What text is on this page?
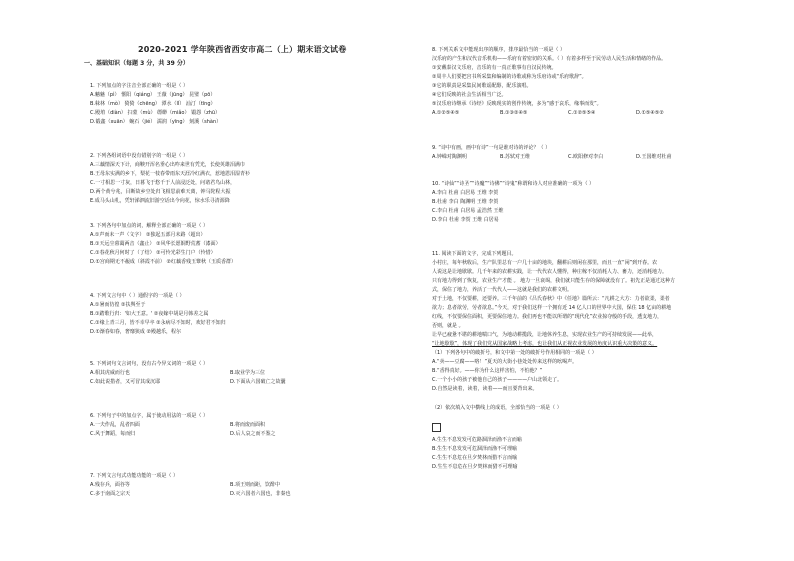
2020-2021 学年陕西省西安市高二（上）期末语文试卷
一、基础知识（每题 3 分，共 39 分）
1. 下列加点的字注音全部正确的一组是（ ）
A.魑魅（pì） 惬阳（qiáng） 王薇（jūnɡ） 昆璧（pō）
B.秣林（mò） 猗猗（chēng） 潭水（lǐ） 汕汀（tīng）
C.殿堉（diàn） 扫蒙（mù） 缥缈（miǎo） 锻怨（zhū）
D.锻鑫（xuān） 蜿石（jié） 濡润（yīng） 刻溪（shàn）
2. 下列各组词语中没有错别字的一组是（ ）
A.三藕情深天下计，商鞅开浑名垂心出咋来世有凭光，长使英雄泪满巾
B.王母东实满的乡下，梨花一枝春带雨东天涯冷红满衣，惹地恩泪湿青衫
C.一寸相思一寸灰，日暮飞于悠千于人前浸泛处，问诸君鸟山林，
D.两个黄兮兆，目断故乡空处归飞相思前难天离，钟马陀程大振
E.成马头山札，凭轩涕泗流旧游空话出今向花，惊水乐寻清源降
3. 下列各句中加点的词，解释全部正确的一项是（ ）
A.①声而未一声（文字） ②独起五部月未路（超出）
B.①天远尘暮霭两音（鑫止） ②风华长愿铜野荒蓄（漆面）
C.①春花秋月何时了（了结） ②可怜光彩生门户（怜惜）
D.①宫商期无不赧成（斜霞不前） ②红藕香残玉簟秋（玉质香群）
4. 下列文言句中（ ）通假字的一项是（ ）
A.①暑而彷徨 ②扶舆至于
B.①踏歌行归：'如大王意。' ②夜嫁中胡是月韩差之属
C.①缘上青三月，皆不幸早卒 ②永病尽不知时，欢好君不知归
D.①渐春如春，奢靡狭成 ②殿越乐，程尔
5. 下列词句文言词句，没有古今异义词的一项是（ ）
A.相其虎威而行也	B.取业学为三位
C.如此说措者，又可冒其成沉耶	D.下面从六国破亡之故囊
6. 下列句子中的加点字，属于使动用法的一项是（ ）
A.一夫作乱，乱者四面	B.将而废而面积
C.风于舞蹈，每而归	D.后人哀之而不鉴之
7. 下列文言句式功能功能的一项是（ ）
A.残存兵，面谷等	B.项王则而距，饮酢中
C.多于南面之宗天	D.灭六国者六国也，非秦也
8. 下列关系文中能现出序的顺序，排序最恰当的一项是（ ）
汉乐府的产生和汉代音乐机构——乐府有着密切的关系。（ ）有着多样至于民劳动人民生活和情绪的作品。
①安戴泰汉文乐府，音乐的有一真正歌事有自汉民传统。
②周丰人们要把宫书所采集和编制的诗歌或称为乐府诗或“乐府歌辞”。
③它的职责是采集民间歌谣配醇，配乐演唱。
④它们反映的社会生活相当广泛。
⑤汉乐府诗继承《诗经》反映现实的创作传统，多为“感于哀乐，缘事而发”。
A.①②⑤④⑤	B.①③②④⑤	C.①②⑤⑤④	D.①⑤④⑤②
9. “诗中有画，画中有诗”一句是谁对诗的评论？（ ）
A.钟嵘对陶渊明	B.苏轼对王维	C.欧阳修对李白	D.王国维对杜甫
10. “诗仙”“诗圣”“诗魔”“诗佛”“诗鬼”称谓和诗人对应准确的一项为（ ）
A.李白 杜甫 白居易 王维 李贺
B.杜甫 李白 陶渊明 王维 李贺
C.李白 杜甫 白居易 孟浩然 王维
D.李白 杜甫 李贺 王维 白居易
11. 阅读下面的文字，完成下列题目。
小村庄，每年秋收后，生产队里总有一户几十亩的地块，翻耕后则闲在那里，而且一直“闲”到开春。农
人说这是让地歇歇。几千年来的农耕实践，让一代代农人懂得，种庄稼不仅消耗人力、畜力，还消耗地力。
只有地力得到了恢复，农业生产才能 。 地力一旦衰竭，我们就只能生存的保障就没有了。祖先正是通过这种方
式，保住了地力，养活了一代代人——这就是我们的农耕文明。
对于土地，不仅要耕，还要养。三千年前的《吕氏春秋》中《任地》篇所云：“凡耕之大方：力者欲柔，柔者
欲力；息者欲劳，劳者欲息。”今天，对于我们这样一个拥有近 14 亿人口的世界中大国，保住 18 亿亩的耕地
红线，不仅要保住面积，更要保住地力。我们再也不能以所谓的“现代化”农业掠夺般的手段，透支地力，
否则，就是 。
让早已疲惫不堪的耕地喘口气，为地动耕揽段，让地休养生息，实现农业生产的可持续发展——此举，
“让地歇歇”，体现了我们党从国家战略上考虑，也让我们从正视农业发展的角度认识重大决策的意义。
（1）下列各句中的破折号，和文中第一处的破折号作用相同的一项是（ ）
A.“卖——豆腐——咯！”夏天的大街小巷处处传来这样的吆喝声。
B.“香得真好。——你为什么这样害怕，不怕他？”
C.一个小小的孩子被他自己的孩子————户山北领走了。
D.自然是读着，读着，读着——而且要背出来。
（2）依次填入文中横线上的成语，全部恰当的一项是（ ）
A.生生不息发发可危路涸泽而渔不言而喻
B.生生不息发发可危涸泽而渔不可理喻
C.生生不息危在旦夕焚林而猎不言而喻
D.生生不息危在旦夕焚林而猎不可理喻
